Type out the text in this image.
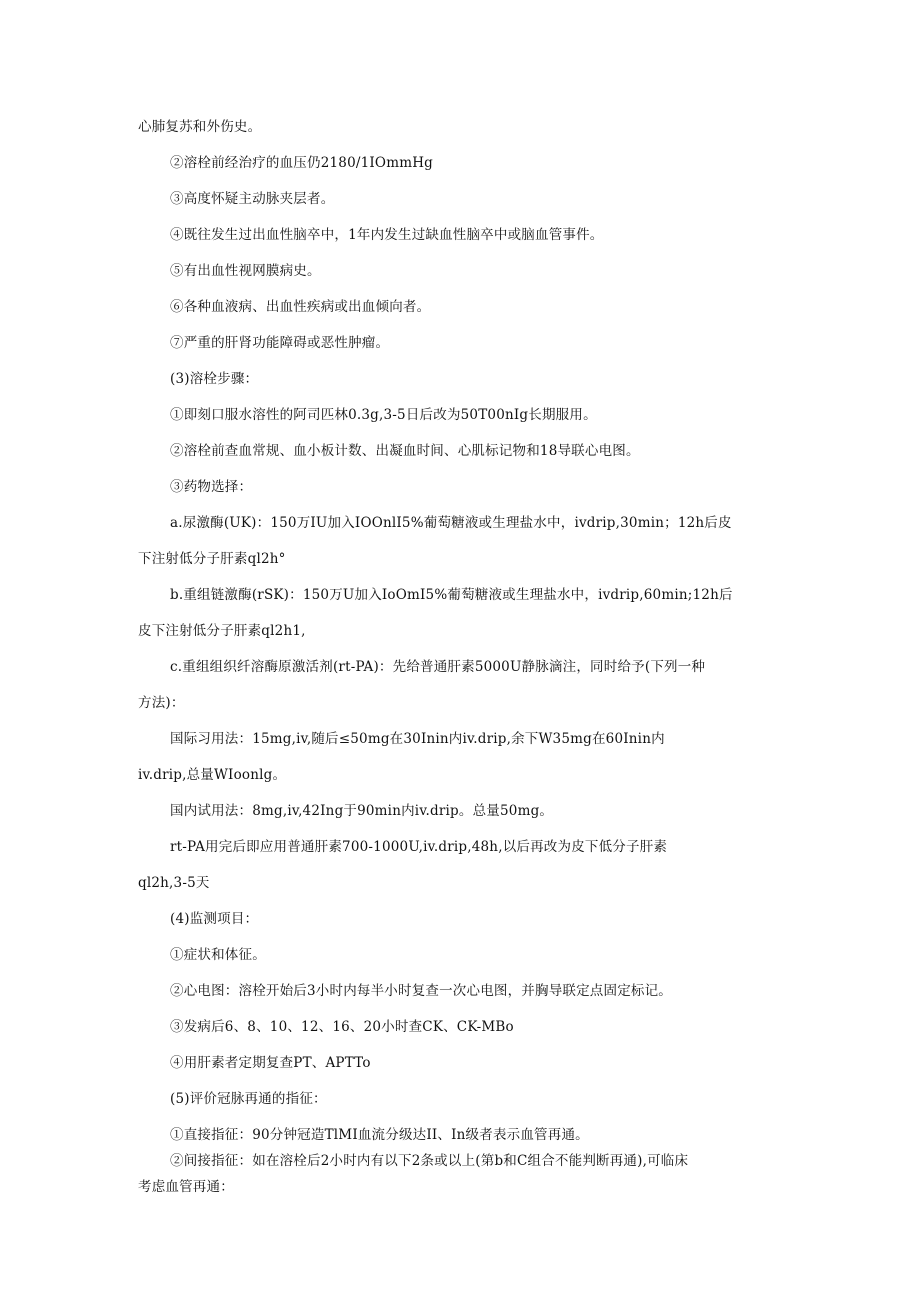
心肺复苏和外伤史。
②溶栓前经治疗的血压仍2180/1IOmmHg
③高度怀疑主动脉夹层者。
④既往发生过出血性脑卒中，1年内发生过缺血性脑卒中或脑血管事件。
⑤有出血性视网膜病史。
⑥各种血液病、出血性疾病或出血倾向者。
⑦严重的肝肾功能障碍或恶性肿瘤。
(3)溶栓步骤：
①即刻口服水溶性的阿司匹林0.3g,3-5日后改为50T00nIg长期服用。
②溶栓前查血常规、血小板计数、出凝血时间、心肌标记物和18导联心电图。
③药物选择：
a.尿激酶(UK)：150万IU加入IOOnlI5%葡萄糖液或生理盐水中，ivdrip,30min；12h后皮
下注射低分子肝素ql2h°
b.重组链激酶(rSK)：150万U加入IoOmI5%葡萄糖液或生理盐水中，ivdrip,60min;12h后
皮下注射低分子肝素ql2h1,
c.重组组织纤溶酶原激活剂(rt-PA)：先给普通肝素5000U静脉滴注，同时给予(下列一种
方法)：
国际习用法：15mg,iv,随后≤50mg在30Inin内iv.drip,余下W35mg在60Inin内
iv.drip,总量WIoonlg。
国内试用法：8mg,iv,42Ing于90min内iv.drip。总量50mg。
rt-PA用完后即应用普通肝素700-1000U,iv.drip,48h,以后再改为皮下低分子肝素
ql2h,3-5天
(4)监测项目：
①症状和体征。
②心电图：溶栓开始后3小时内每半小时复查一次心电图，并胸导联定点固定标记。
③发病后6、8、10、12、16、20小时查CK、CK-MBo
④用肝素者定期复查PT、APTTo
(5)评价冠脉再通的指征：
①直接指征：90分钟冠造TlMI血流分级达II、In级者表示血管再通。
②间接指征：如在溶栓后2小时内有以下2条或以上(第b和C组合不能判断再通),可临床
考虑血管再通：
